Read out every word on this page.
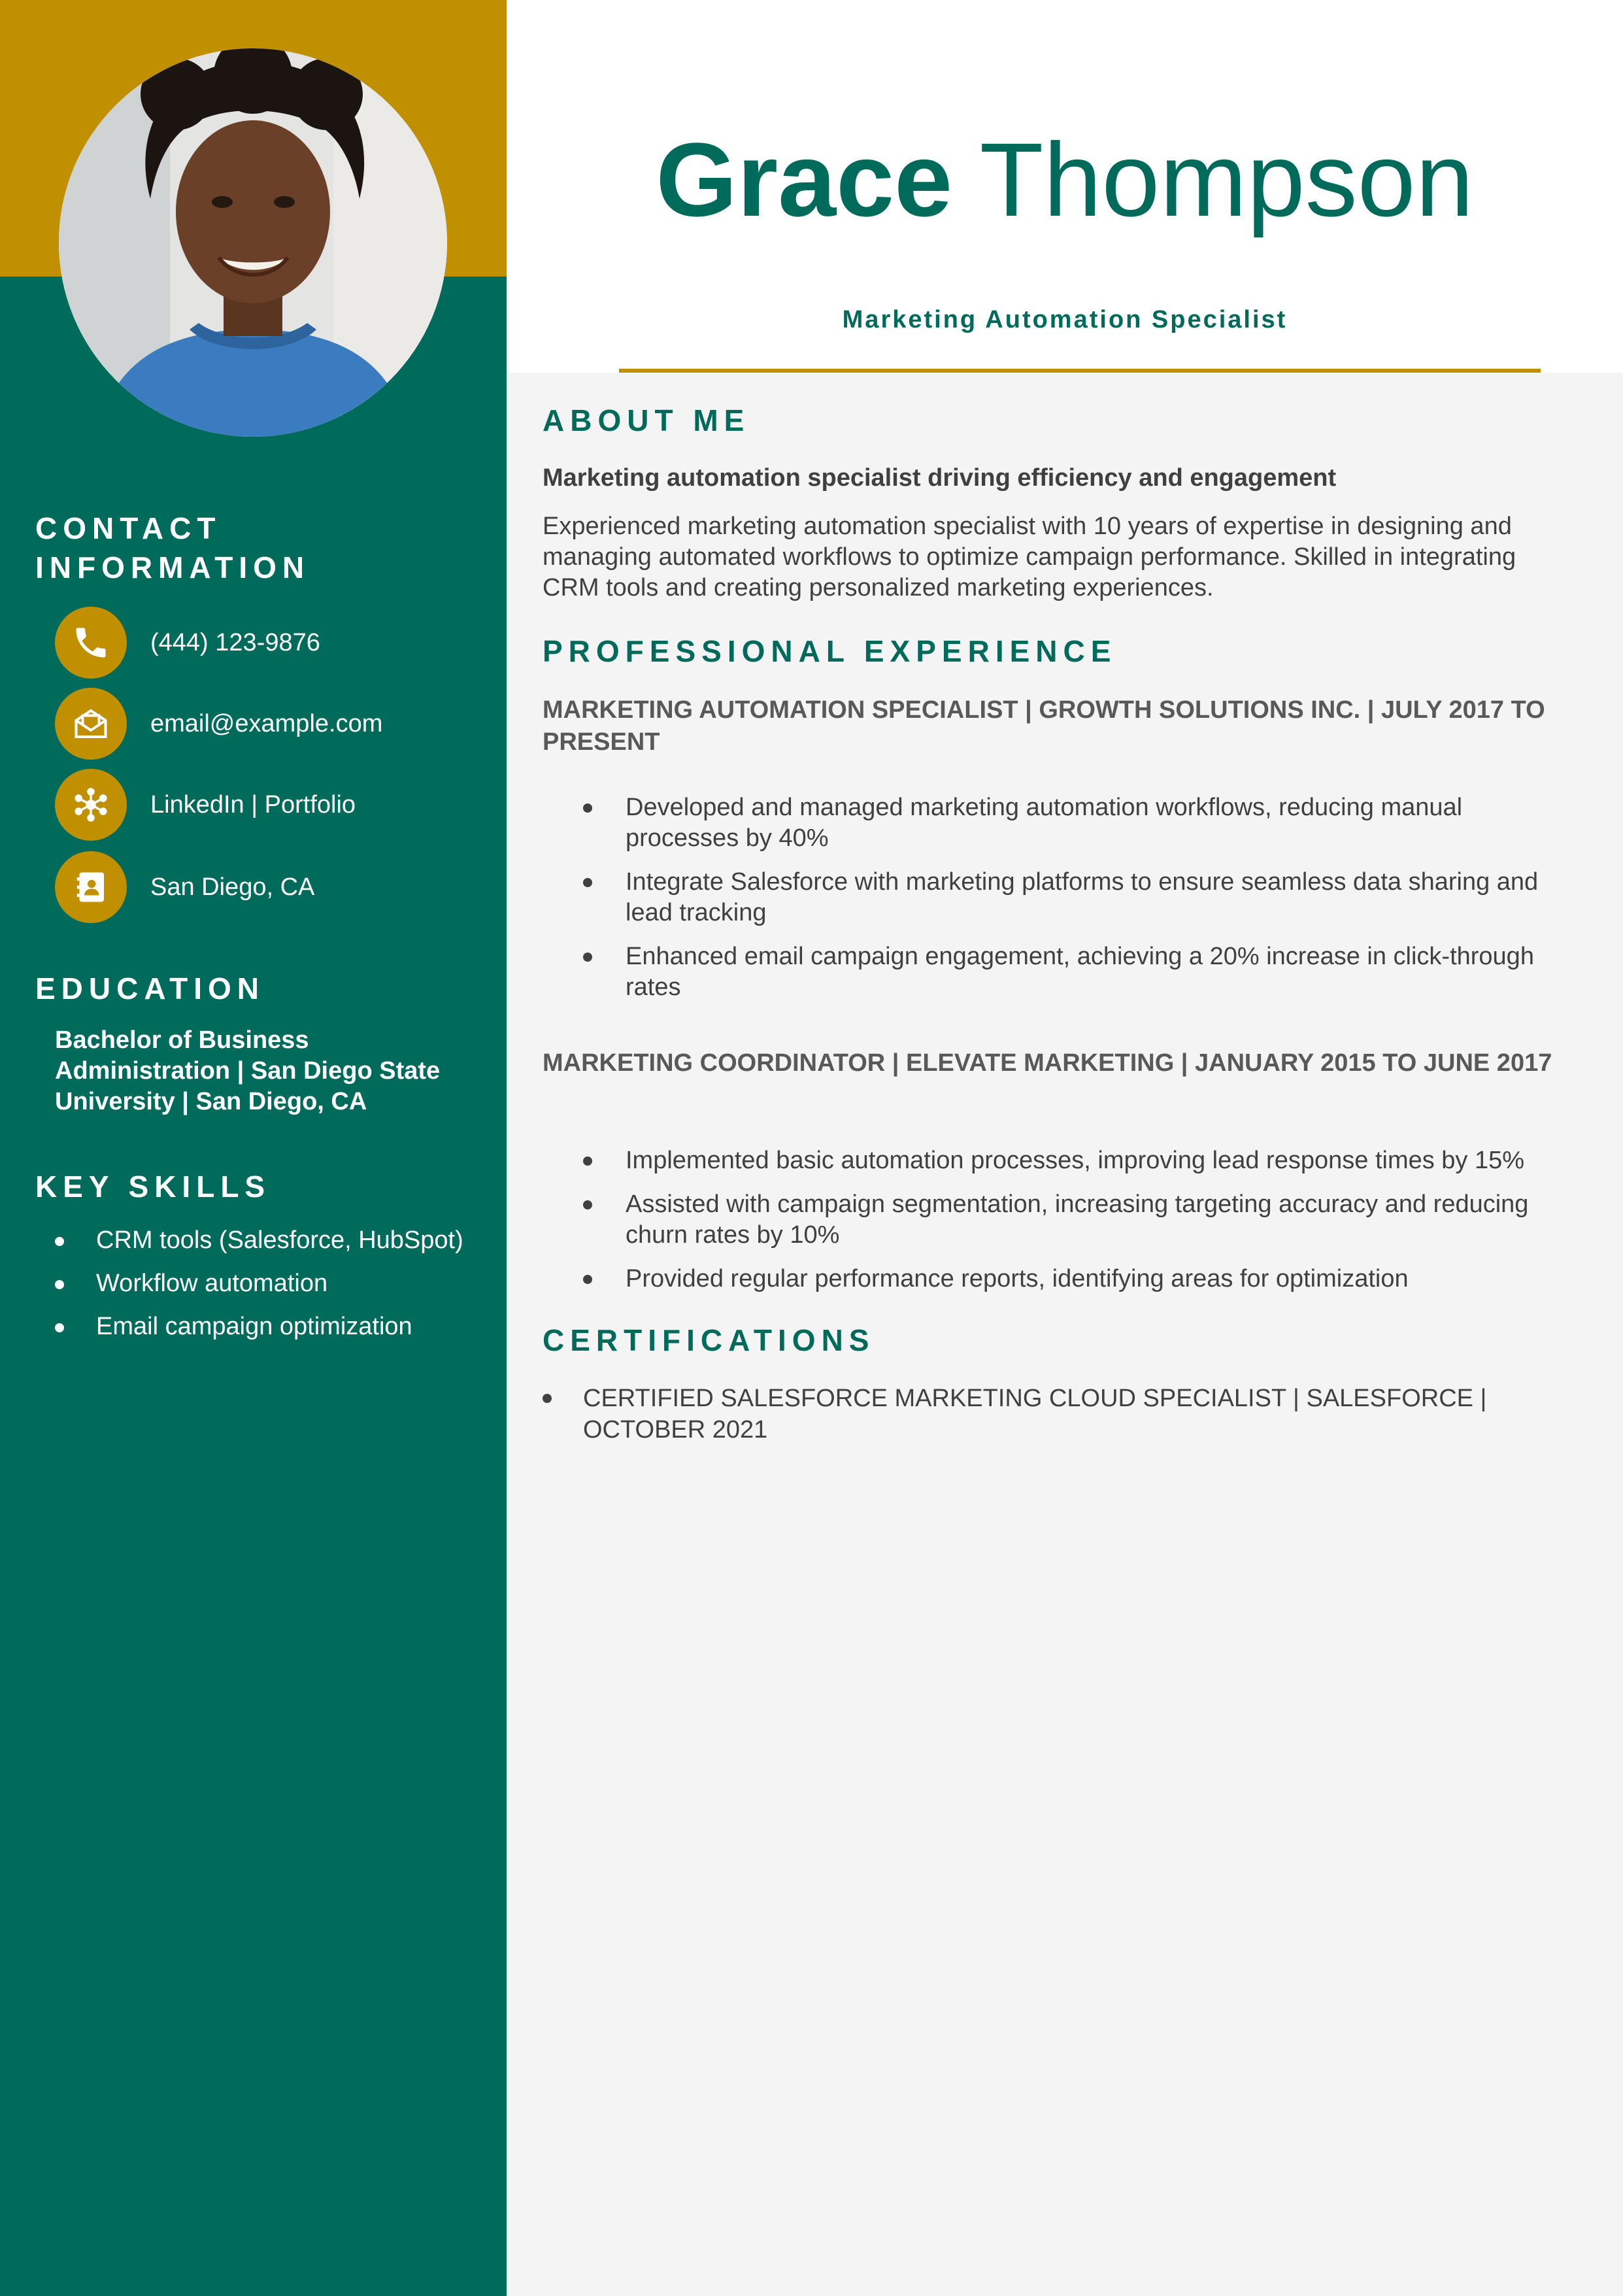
CONTACT
INFORMATION
(444) 123-9876
email@example.com
LinkedIn | Portfolio
San Diego, CA
EDUCATION
Bachelor of Business Administration | San Diego State University | San Diego, CA
KEY SKILLS
CRM tools (Salesforce, HubSpot)
Workflow automation
Email campaign optimization
Grace Thompson
Marketing Automation Specialist
ABOUT ME
Marketing automation specialist driving efficiency and engagement
Experienced marketing automation specialist with 10 years of expertise in designing and managing automated workflows to optimize campaign performance. Skilled in integrating CRM tools and creating personalized marketing experiences.
PROFESSIONAL EXPERIENCE
MARKETING AUTOMATION SPECIALIST | GROWTH SOLUTIONS INC. | JULY 2017 TO PRESENT
Developed and managed marketing automation workflows, reducing manual processes by 40%
Integrate Salesforce with marketing platforms to ensure seamless data sharing and lead tracking
Enhanced email campaign engagement, achieving a 20% increase in click-through rates
MARKETING COORDINATOR | ELEVATE MARKETING | JANUARY 2015 TO JUNE 2017
Implemented basic automation processes, improving lead response times by 15%
Assisted with campaign segmentation, increasing targeting accuracy and reducing churn rates by 10%
Provided regular performance reports, identifying areas for optimization
CERTIFICATIONS
CERTIFIED SALESFORCE MARKETING CLOUD SPECIALIST | SALESFORCE | OCTOBER 2021
